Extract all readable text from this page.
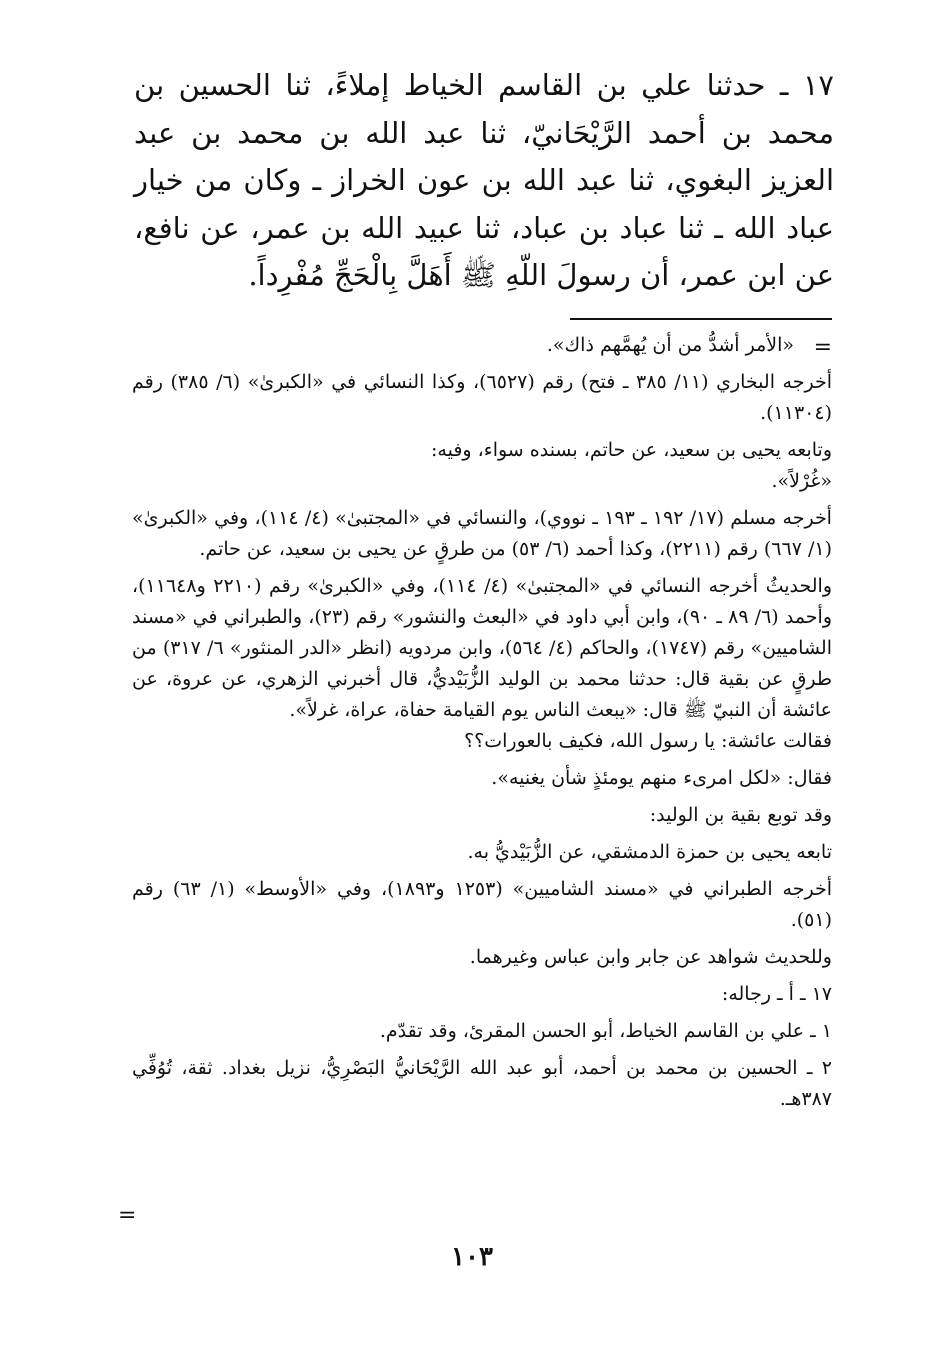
١٧ ـ حدثنا علي بن القاسم الخياط إملاءً، ثنا الحسين بن محمد بن أحمد الرَّيْحَانيّ، ثنا عبد الله بن محمد بن عبد العزيز البغوي، ثنا عبد الله بن عون الخراز ـ وكان من خيار عباد الله ـ ثنا عباد بن عباد، ثنا عبيد الله بن عمر، عن نافع، عن ابن عمر، أن رسولَ اللّهِ ﷺ أَهَلَّ بِالْحَجِّ مُفْرِداً.

=

«الأمر أشدُّ من أن يُهمَّهم ذاك».

أخرجه البخاري (١١/ ٣٨٥ ـ فتح) رقم (٦٥٢٧)، وكذا النسائي في «الكبرىٰ» (٦/ ٣٨٥) رقم (١١٣٠٤).

وتابعه يحيى بن سعيد، عن حاتم، بسنده سواء، وفيه:

«غُرْلاً».

أخرجه مسلم (١٧/ ١٩٢ ـ ١٩٣ ـ نووي)، والنسائي في «المجتبىٰ» (٤/ ١١٤)، وفي «الكبرىٰ» (١/ ٦٦٧) رقم (٢٢١١)، وكذا أحمد (٦/ ٥٣) من طرقٍ عن يحيى بن سعيد، عن حاتم.

والحديثُ أخرجه النسائي في «المجتبىٰ» (٤/ ١١٤)، وفي «الكبرىٰ» رقم (٢٢١٠ و١١٦٤٨)، وأحمد (٦/ ٨٩ ـ ٩٠)، وابن أبي داود في «البعث والنشور» رقم (٢٣)، والطبراني في «مسند الشاميين» رقم (١٧٤٧)، والحاكم (٤/ ٥٦٤)، وابن مردويه (انظر «الدر المنثور» ٦/ ٣١٧) من طرقٍ عن بقية قال: حدثنا محمد بن الوليد الزُّبَيْديُّ، قال أخبرني الزهري، عن عروة، عن عائشة أن النبيّ ﷺ قال: «يبعث الناس يوم القيامة حفاة، عراة، غرلاً».

فقالت عائشة: يا رسول الله، فكيف بالعورات؟؟

فقال: «لكل امرىء منهم يومئذٍ شأن يغنيه».

وقد توبع بقية بن الوليد:

تابعه يحيى بن حمزة الدمشقي، عن الزُّبَيْديُّ به.

أخرجه الطبراني في «مسند الشاميين» (١٢٥٣ و١٨٩٣)، وفي «الأوسط» (١/ ٦٣) رقم (٥١).

وللحديث شواهد عن جابر وابن عباس وغيرهما.

١٧ ـ أ ـ رجاله:

١ ـ علي بن القاسم الخياط، أبو الحسن المقرئ، وقد تقدّم.

٢ ـ الحسين بن محمد بن أحمد، أبو عبد الله الرَّيْحَانيُّ البَصْرِيُّ، نزيل بغداد. ثقة، تُوُفِّي ٣٨٧هـ.

=
١٠٣
